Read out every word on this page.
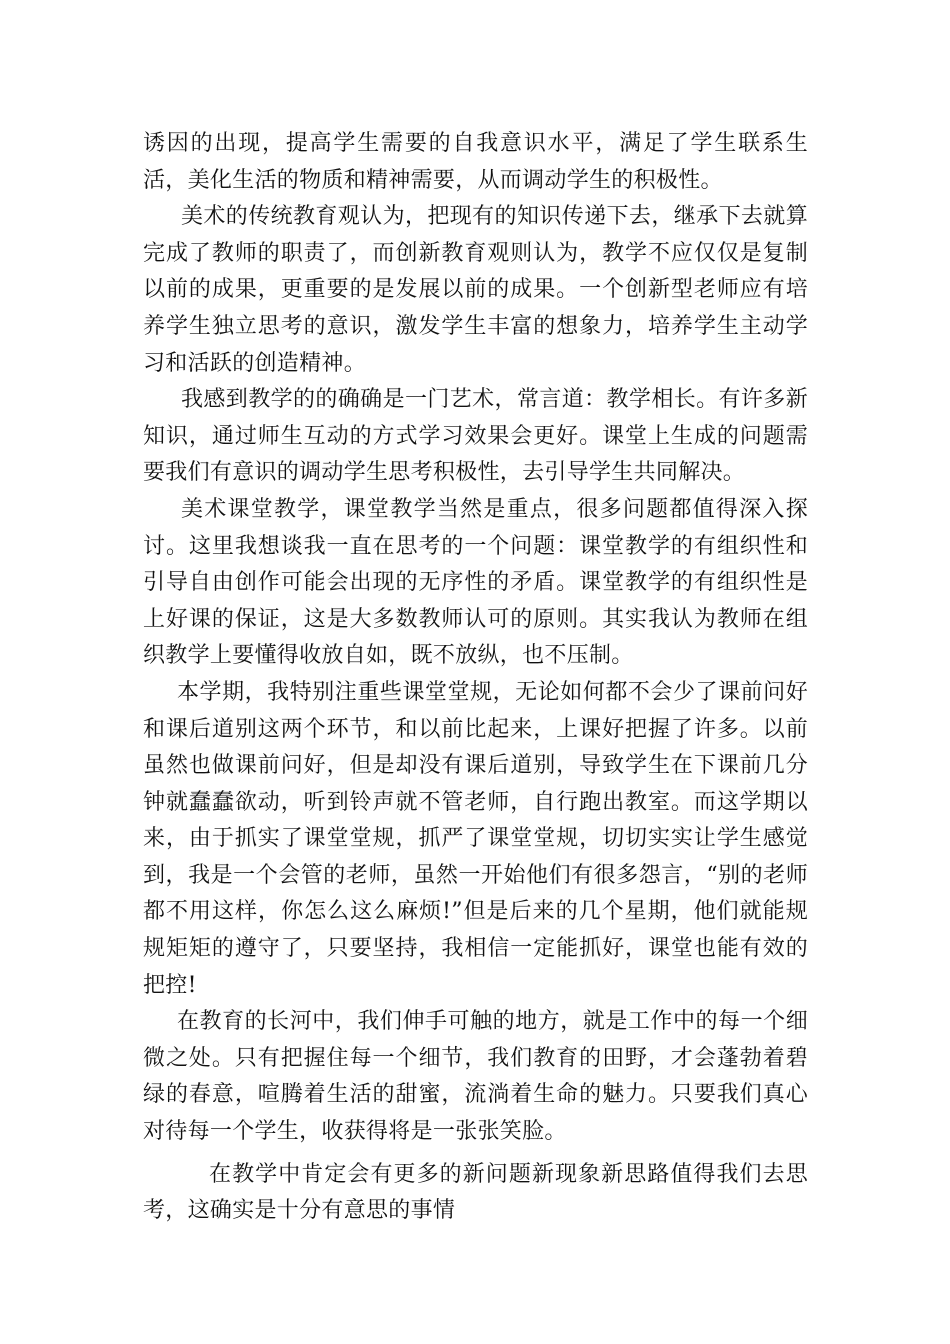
诱因的出现，提高学生需要的自我意识水平，满足了学生联系生活，美化生活的物质和精神需要，从而调动学生的积极性。

美术的传统教育观认为，把现有的知识传递下去，继承下去就算完成了教师的职责了，而创新教育观则认为，教学不应仅仅是复制以前的成果，更重要的是发展以前的成果。一个创新型老师应有培养学生独立思考的意识，激发学生丰富的想象力，培养学生主动学习和活跃的创造精神。

我感到教学的的确确是一门艺术，常言道：教学相长。有许多新知识，通过师生互动的方式学习效果会更好。课堂上生成的问题需要我们有意识的调动学生思考积极性，去引导学生共同解决。

美术课堂教学，课堂教学当然是重点，很多问题都值得深入探讨。这里我想谈我一直在思考的一个问题：课堂教学的有组织性和引导自由创作可能会出现的无序性的矛盾。课堂教学的有组织性是上好课的保证，这是大多数教师认可的原则。其实我认为教师在组织教学上要懂得收放自如，既不放纵，也不压制。

本学期，我特别注重些课堂堂规，无论如何都不会少了课前问好和课后道别这两个环节，和以前比起来，上课好把握了许多。以前虽然也做课前问好，但是却没有课后道别，导致学生在下课前几分钟就蠢蠢欲动，听到铃声就不管老师，自行跑出教室。而这学期以来，由于抓实了课堂堂规，抓严了课堂堂规，切切实实让学生感觉到，我是一个会管的老师，虽然一开始他们有很多怨言，“别的老师都不用这样，你怎么这么麻烦!”但是后来的几个星期，他们就能规规矩矩的遵守了，只要坚持，我相信一定能抓好，课堂也能有效的把控!

在教育的长河中，我们伸手可触的地方，就是工作中的每一个细微之处。只有把握住每一个细节，我们教育的田野，才会蓬勃着碧绿的春意，喧腾着生活的甜蜜，流淌着生命的魅力。只要我们真心对待每一个学生，收获得将是一张张笑脸。

在教学中肯定会有更多的新问题新现象新思路值得我们去思考，这确实是十分有意思的事情
